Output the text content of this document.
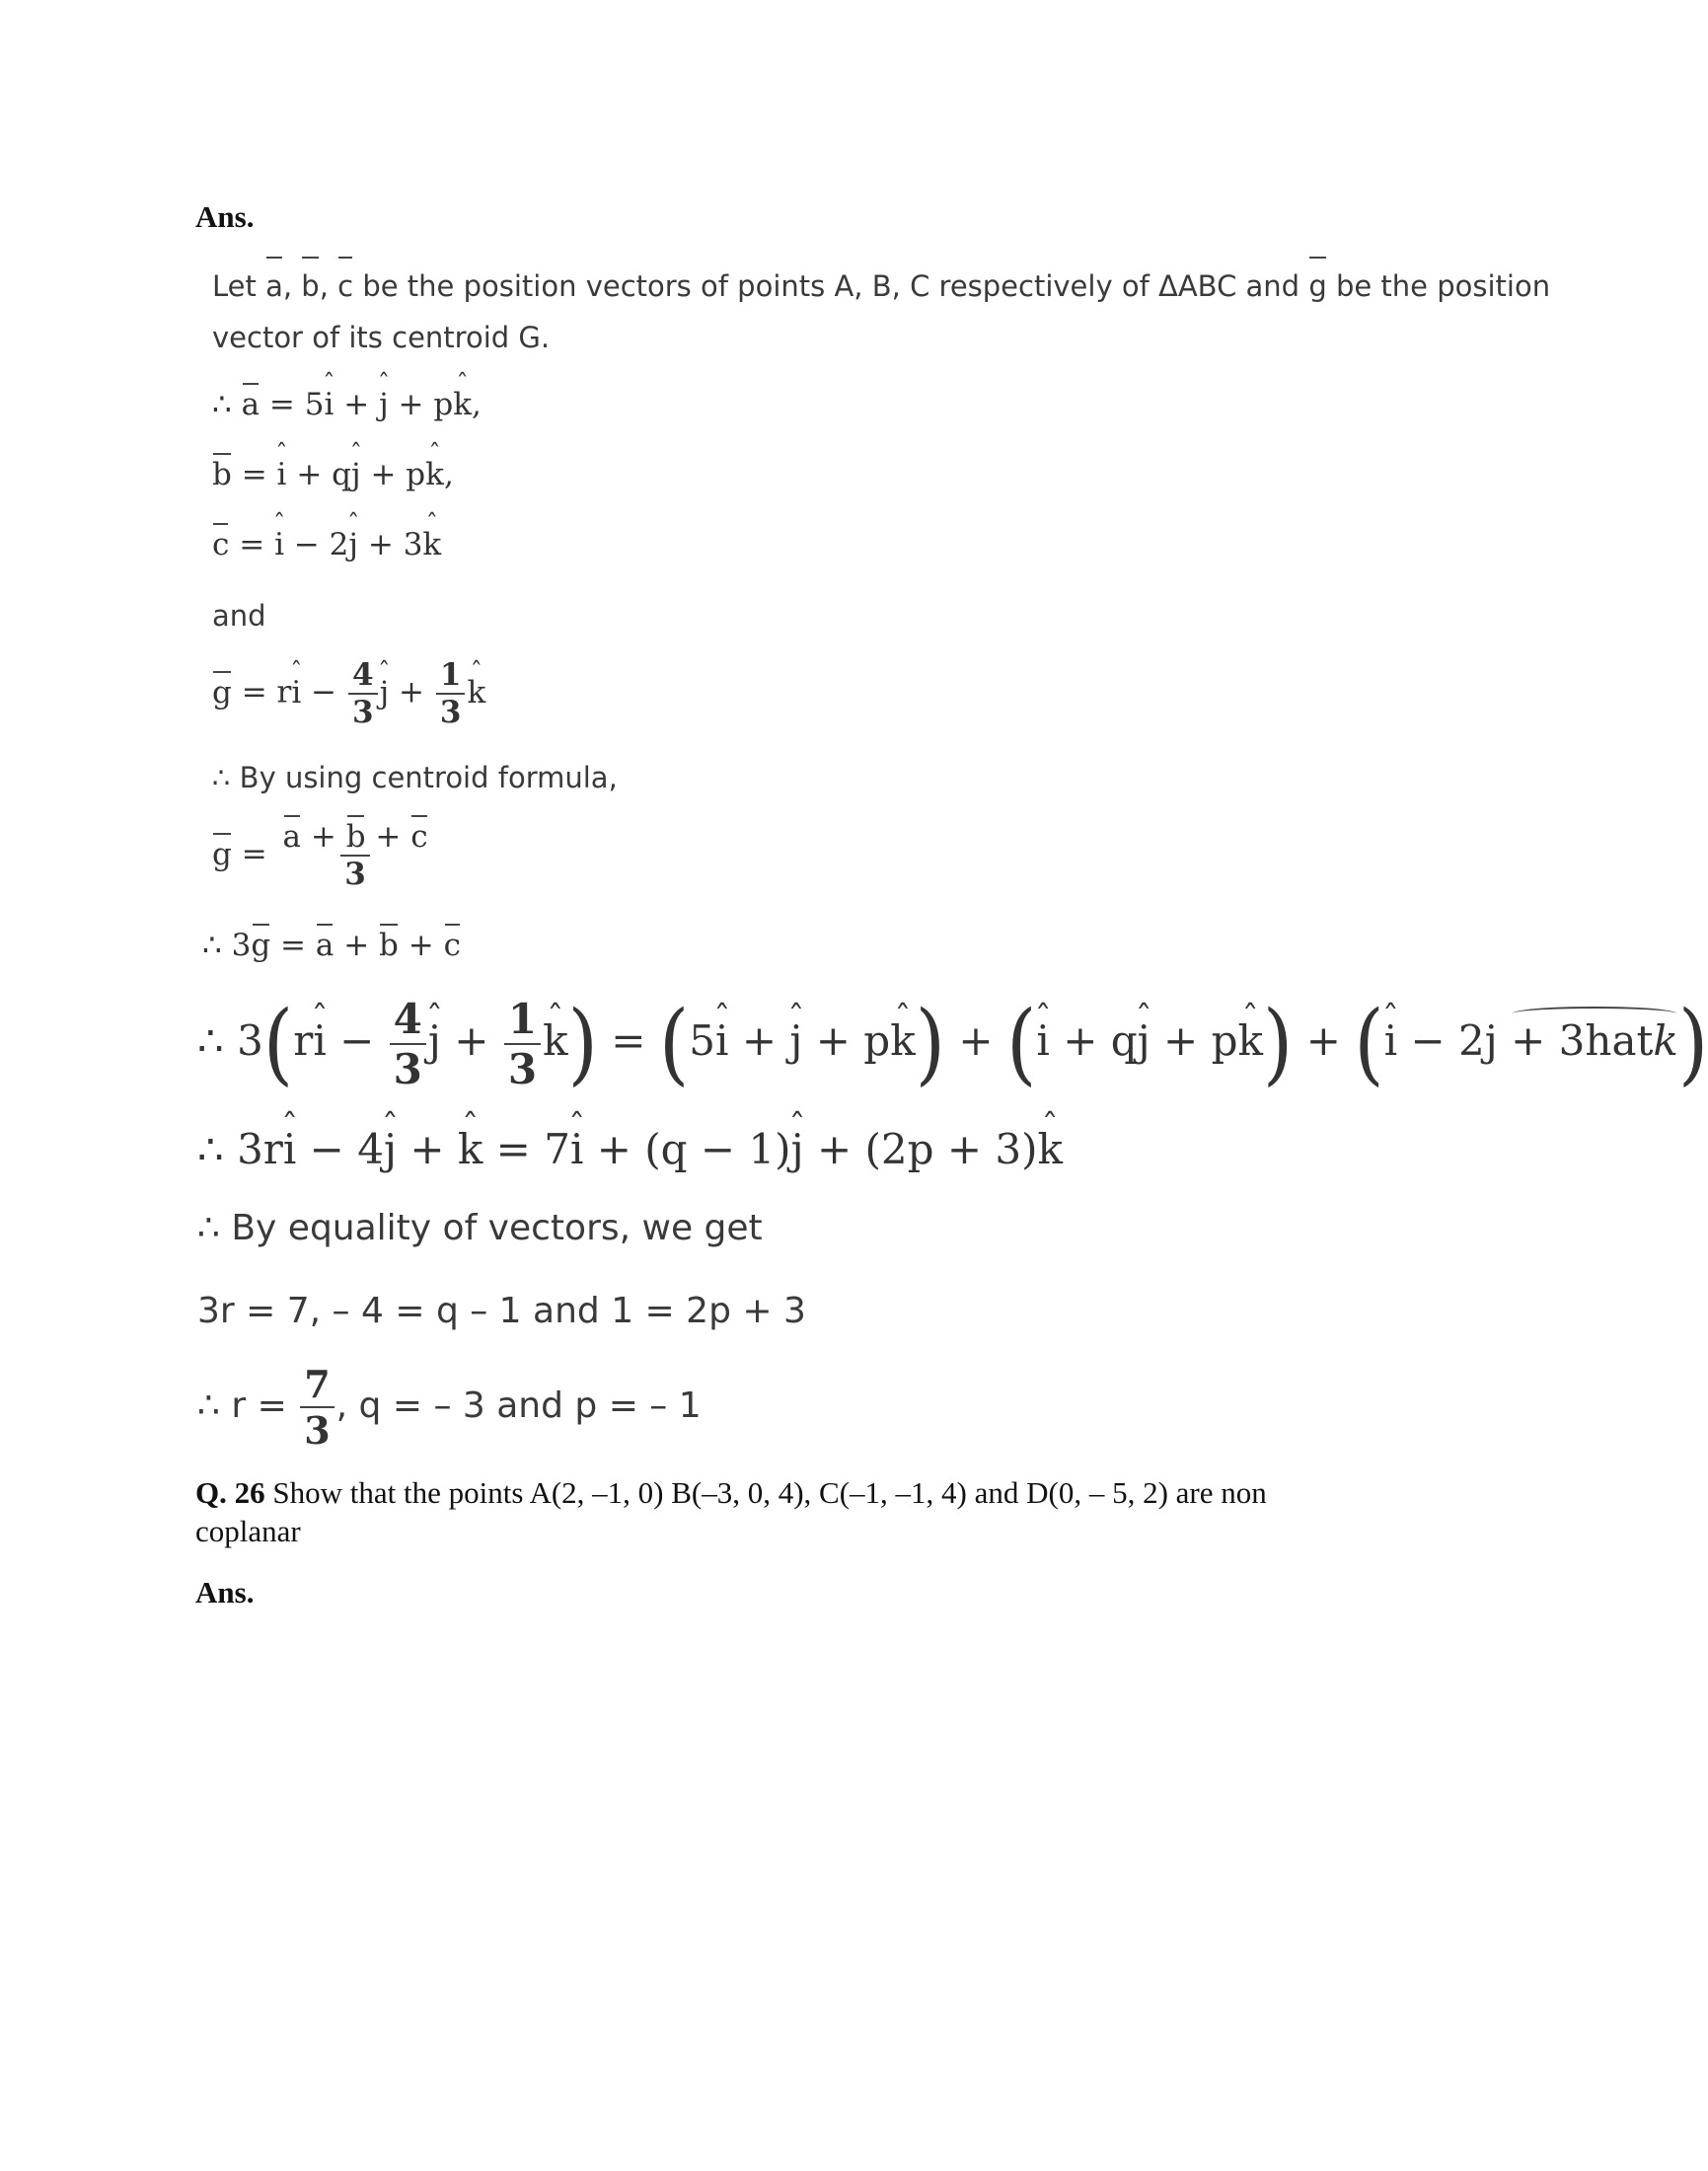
Ans.
Let a, b, c be the position vectors of points A, B, C respectively of ΔABC and g be the position
vector of its centroid G.
∴ a = 5ˆ i + ˆ j + pˆ k,
b = ˆ i + qˆ j + pˆ k,
c = ˆ i − 2ˆ j + 3ˆ k
and
g = rˆ $i - \frac{4}{3}$ ˆ $j + \frac{1}{3}$ ˆ k
∴ By using centroid formula,
$g = \frac{a + b + c}{3}$
∴ 3g = a + b + c
∴ 3(rˆ $i - \frac{4}{3}$ ˆ $j + \frac{1}{3}$ ˆ k) = (5ˆ i + ˆ j + pˆ k) + (ˆ i + qˆ j + pˆ k) + (ˆ i − 2j + 3hatk)
∴ 3rˆ i − 4ˆ j + ˆ k = 7ˆ i + (q − 1)ˆ j + (2p + 3)ˆ k
∴ By equality of vectors, we get
3r = 7, – 4 = q – 1 and 1 = 2p + 3
∴ $r = \frac{7}{3}$ , q = – 3 and p = – 1
Q. 26 Show that the points A(2, –1, 0) B(–3, 0, 4), C(–1, –1, 4) and D(0, – 5, 2) are non
coplanar
Ans.
